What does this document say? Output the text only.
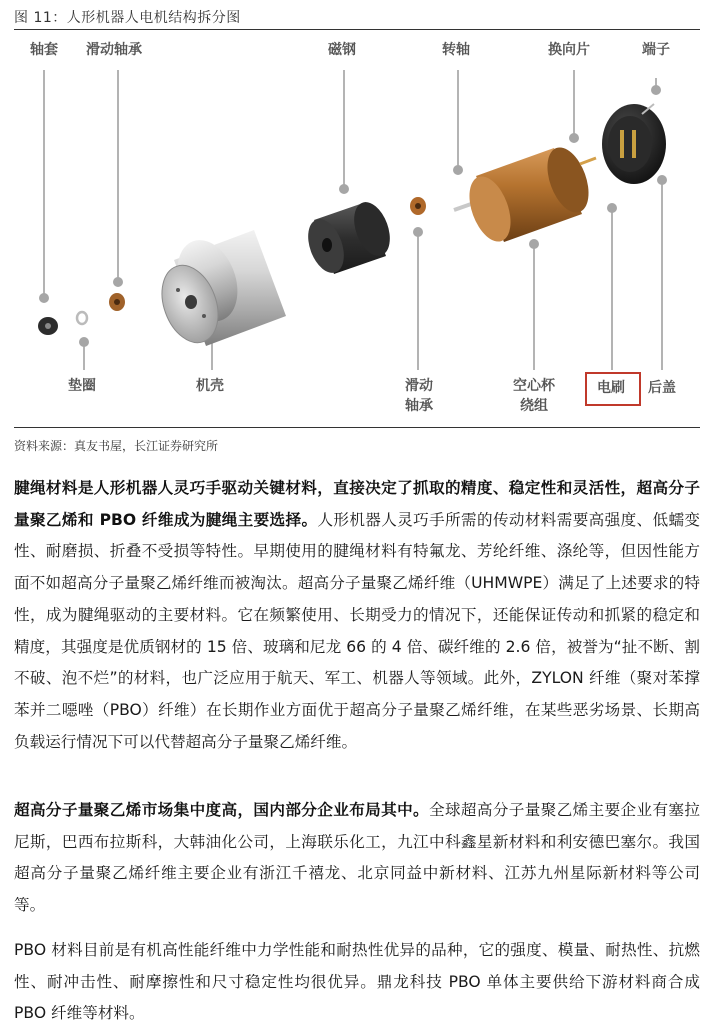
图 11：人形机器人电机结构拆分图
轴套 滑动轴承	磁钢	转轴	换向片	端子
垫圈	机壳	滑动
轴承
空心杯
绕组
电刷 后盖
资料来源：真友书屋，长江证券研究所

腱绳材料是人形机器人灵巧手驱动关键材料，直接决定了抓取的精度、稳定性和灵活性，超高分子量聚乙烯和 PBO 纤维成为腱绳主要选择。人形机器人灵巧手所需的传动材料需要高强度、低蠕变性、耐磨损、折叠不受损等特性。早期使用的腱绳材料有特氟龙、芳纶纤维、涤纶等，但因性能方面不如超高分子量聚乙烯纤维而被淘汰。超高分子量聚乙烯纤维（UHMWPE）满足了上述要求的特性，成为腱绳驱动的主要材料。它在频繁使用、长期受力的情况下，还能保证传动和抓紧的稳定和精度，其强度是优质钢材的 15 倍、玻璃和尼龙 66 的 4 倍、碳纤维的 2.6 倍，被誉为“扯不断、割不破、泡不烂”的材料，也广泛应用于航天、军工、机器人等领域。此外，ZYLON 纤维（聚对苯撑苯并二噁唑（PBO）纤维）在长期作业方面优于超高分子量聚乙烯纤维，在某些恶劣场景、长期高负载运行情况下可以代替超高分子量聚乙烯纤维。

超高分子量聚乙烯市场集中度高，国内部分企业布局其中。全球超高分子量聚乙烯主要企业有塞拉尼斯，巴西布拉斯科，大韩油化公司，上海联乐化工，九江中科鑫星新材料和利安德巴塞尔。我国超高分子量聚乙烯纤维主要企业有浙江千禧龙、北京同益中新材料、江苏九州星际新材料等公司等。

PBO 材料目前是有机高性能纤维中力学性能和耐热性优异的品种，它的强度、模量、耐热性、抗燃性、耐冲击性、耐摩擦性和尺寸稳定性均很优异。鼎龙科技 PBO 单体主要供给下游材料商合成 PBO 纤维等材料。
